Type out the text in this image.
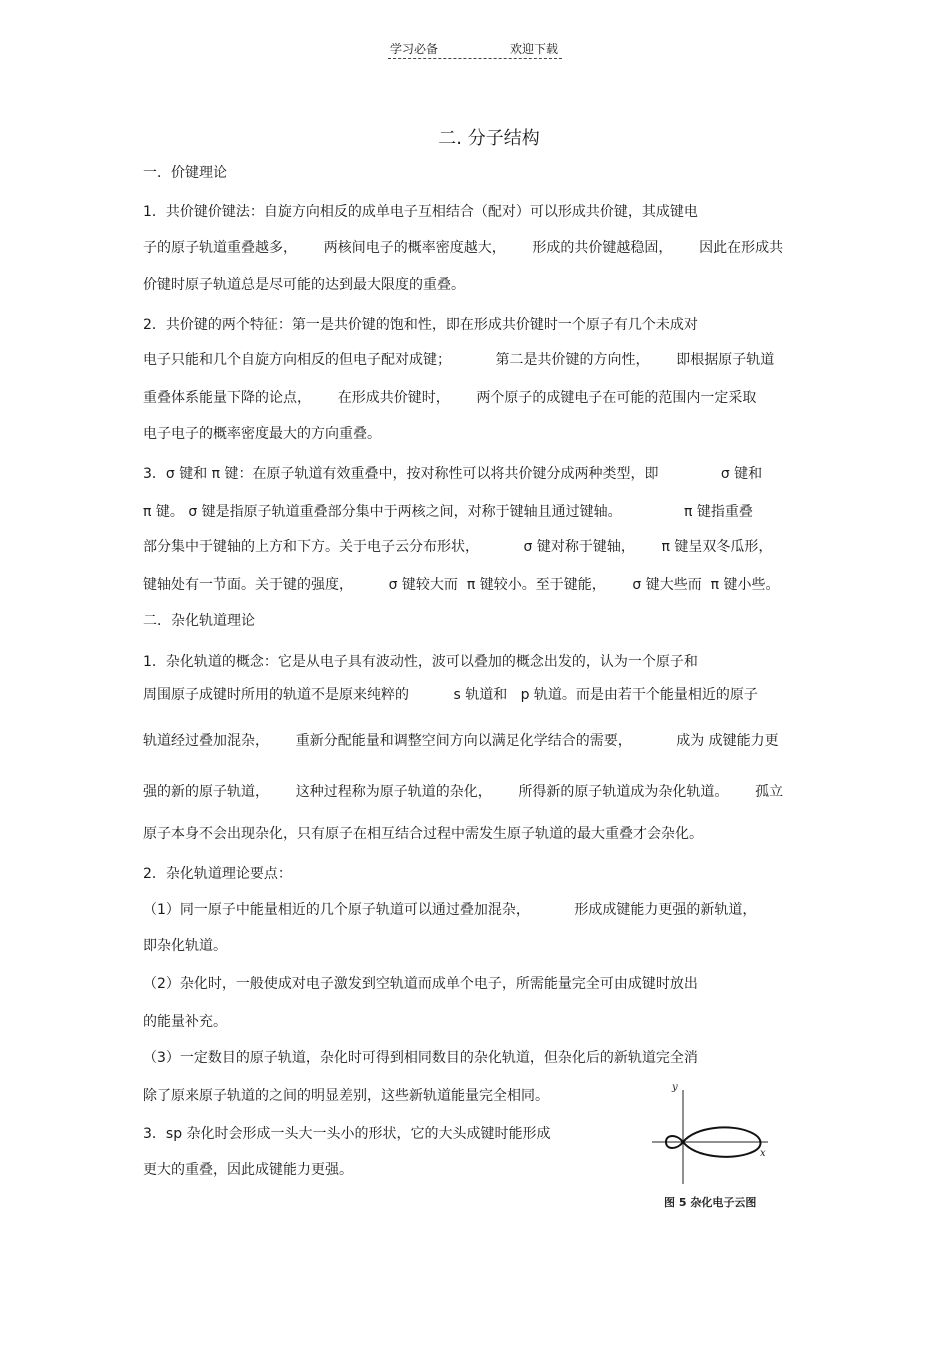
学习必备	欢迎下载
二. 分子结构
一．价键理论
1．共价键价键法：自旋方向相反的成单电子互相结合（配对）可以形成共价键，其成键电
子的原子轨道重叠越多，      两核间电子的概率密度越大，      形成的共价键越稳固，      因此在形成共
价键时原子轨道总是尽可能的达到最大限度的重叠。
2．共价键的两个特征：第一是共价键的饱和性，即在形成共价键时一个原子有几个未成对
电子只能和几个自旋方向相反的但电子配对成键；          第二是共价键的方向性，      即根据原子轨道
重叠体系能量下降的论点，      在形成共价键时，      两个原子的成键电子在可能的范围内一定采取
电子电子的概率密度最大的方向重叠。
3．σ 键和 π 键：在原子轨道有效重叠中，按对称性可以将共价键分成两种类型，即              σ 键和
π 键。 σ 键是指原子轨道重叠部分集中于两核之间，对称于键轴且通过键轴。              π 键指重叠
部分集中于键轴的上方和下方。关于电子云分布形状，          σ 键对称于键轴，      π 键呈双冬瓜形，
键轴处有一节面。关于键的强度，        σ 键较大而  π 键较小。至于键能，      σ 键大些而  π 键小些。
二．杂化轨道理论
1．杂化轨道的概念：它是从电子具有波动性，波可以叠加的概念出发的，认为一个原子和
周围原子成键时所用的轨道不是原来纯粹的          s 轨道和   p 轨道。而是由若干个能量相近的原子
轨道经过叠加混杂，      重新分配能量和调整空间方向以满足化学结合的需要，          成为 成键能力更
强的新的原子轨道，      这种过程称为原子轨道的杂化，      所得新的原子轨道成为杂化轨道。      孤立
原子本身不会出现杂化，只有原子在相互结合过程中需发生原子轨道的最大重叠才会杂化。
2．杂化轨道理论要点：
（1）同一原子中能量相近的几个原子轨道可以通过叠加混杂，          形成成键能力更强的新轨道，
即杂化轨道。
（2）杂化时，一般使成对电子激发到空轨道而成单个电子，所需能量完全可由成键时放出
的能量补充。
（3）一定数目的原子轨道，杂化时可得到相同数目的杂化轨道，但杂化后的新轨道完全消
除了原来原子轨道的之间的明显差别，这些新轨道能量完全相同。
3．sp 杂化时会形成一头大一头小的形状，它的大头成键时能形成
更大的重叠，因此成键能力更强。
y
x
图 5 杂化电子云图
